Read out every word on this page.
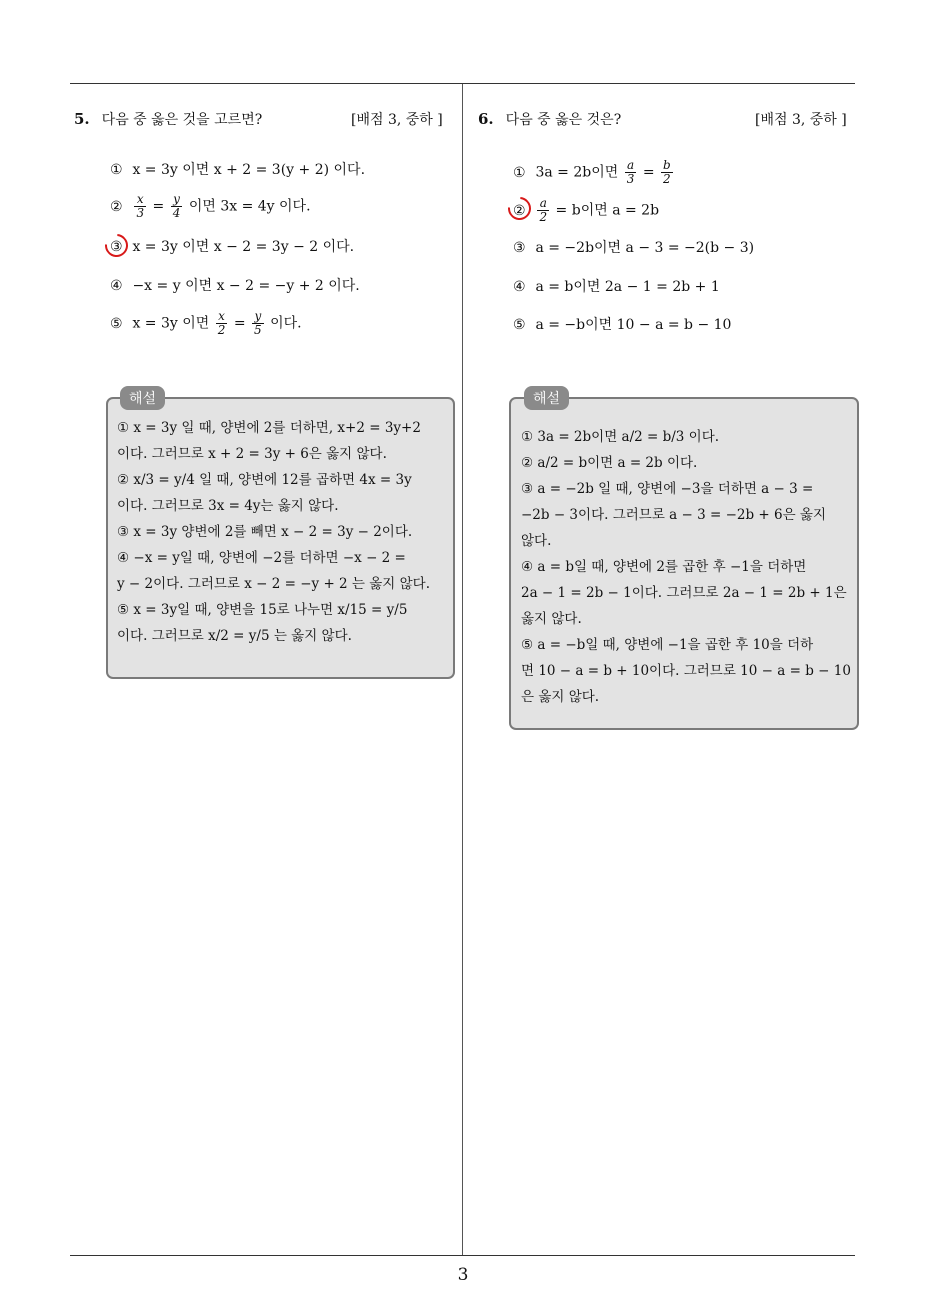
5. 다음 중 옳은 것을 고르면?	[배점 3, 중하 ]
① x = 3y 이면 x + 2 = 3(y + 2) 이다.
② $\frac{x}{3} = \frac{y}{4}$ 이면 3x = 4y 이다.
③ x = 3y 이면 x − 2 = 3y − 2 이다.
④ −x = y 이면 x − 2 = −y + 2 이다.
⑤ x = 3y 이면 $\frac{x}{2} = \frac{y}{5}$ 이다.
해설
① x = 3y 일 때, 양변에 2를 더하면, x+2 = 3y+2
이다. 그러므로 x + 2 = 3y + 6은 옳지 않다.
② x/3 = y/4 일 때, 양변에 12를 곱하면 4x = 3y
이다. 그러므로 3x = 4y는 옳지 않다.
③ x = 3y 양변에 2를 빼면 x − 2 = 3y − 2이다.
④ −x = y일 때, 양변에 −2를 더하면 −x − 2 =
y − 2이다. 그러므로 x − 2 = −y + 2 는 옳지 않다.
⑤ x = 3y일 때, 양변을 15로 나누면 x/15 = y/5
이다. 그러므로 x/2 = y/5 는 옳지 않다.
6. 다음 중 옳은 것은?	[배점 3, 중하 ]
① 3a = 2b이면 $\frac{a}{3} = \frac{b}{2}$
② $\frac{a}{2} = b$이면 a = 2b
③ a = −2b이면 a − 3 = −2(b − 3)
④ a = b이면 2a − 1 = 2b + 1
⑤ a = −b이면 10 − a = b − 10
해설
① 3a = 2b이면 a/2 = b/3 이다.
② a/2 = b이면 a = 2b 이다.
③ a = −2b 일 때, 양변에 −3을 더하면 a − 3 =
−2b − 3이다. 그러므로 a − 3 = −2b + 6은 옳지
않다.
④ a = b일 때, 양변에 2를 곱한 후 −1을 더하면
2a − 1 = 2b − 1이다. 그러므로 2a − 1 = 2b + 1은
옳지 않다.
⑤ a = −b일 때, 양변에 −1을 곱한 후 10을 더하
면 10 − a = b + 10이다. 그러므로 10 − a = b − 10
은 옳지 않다.
3
